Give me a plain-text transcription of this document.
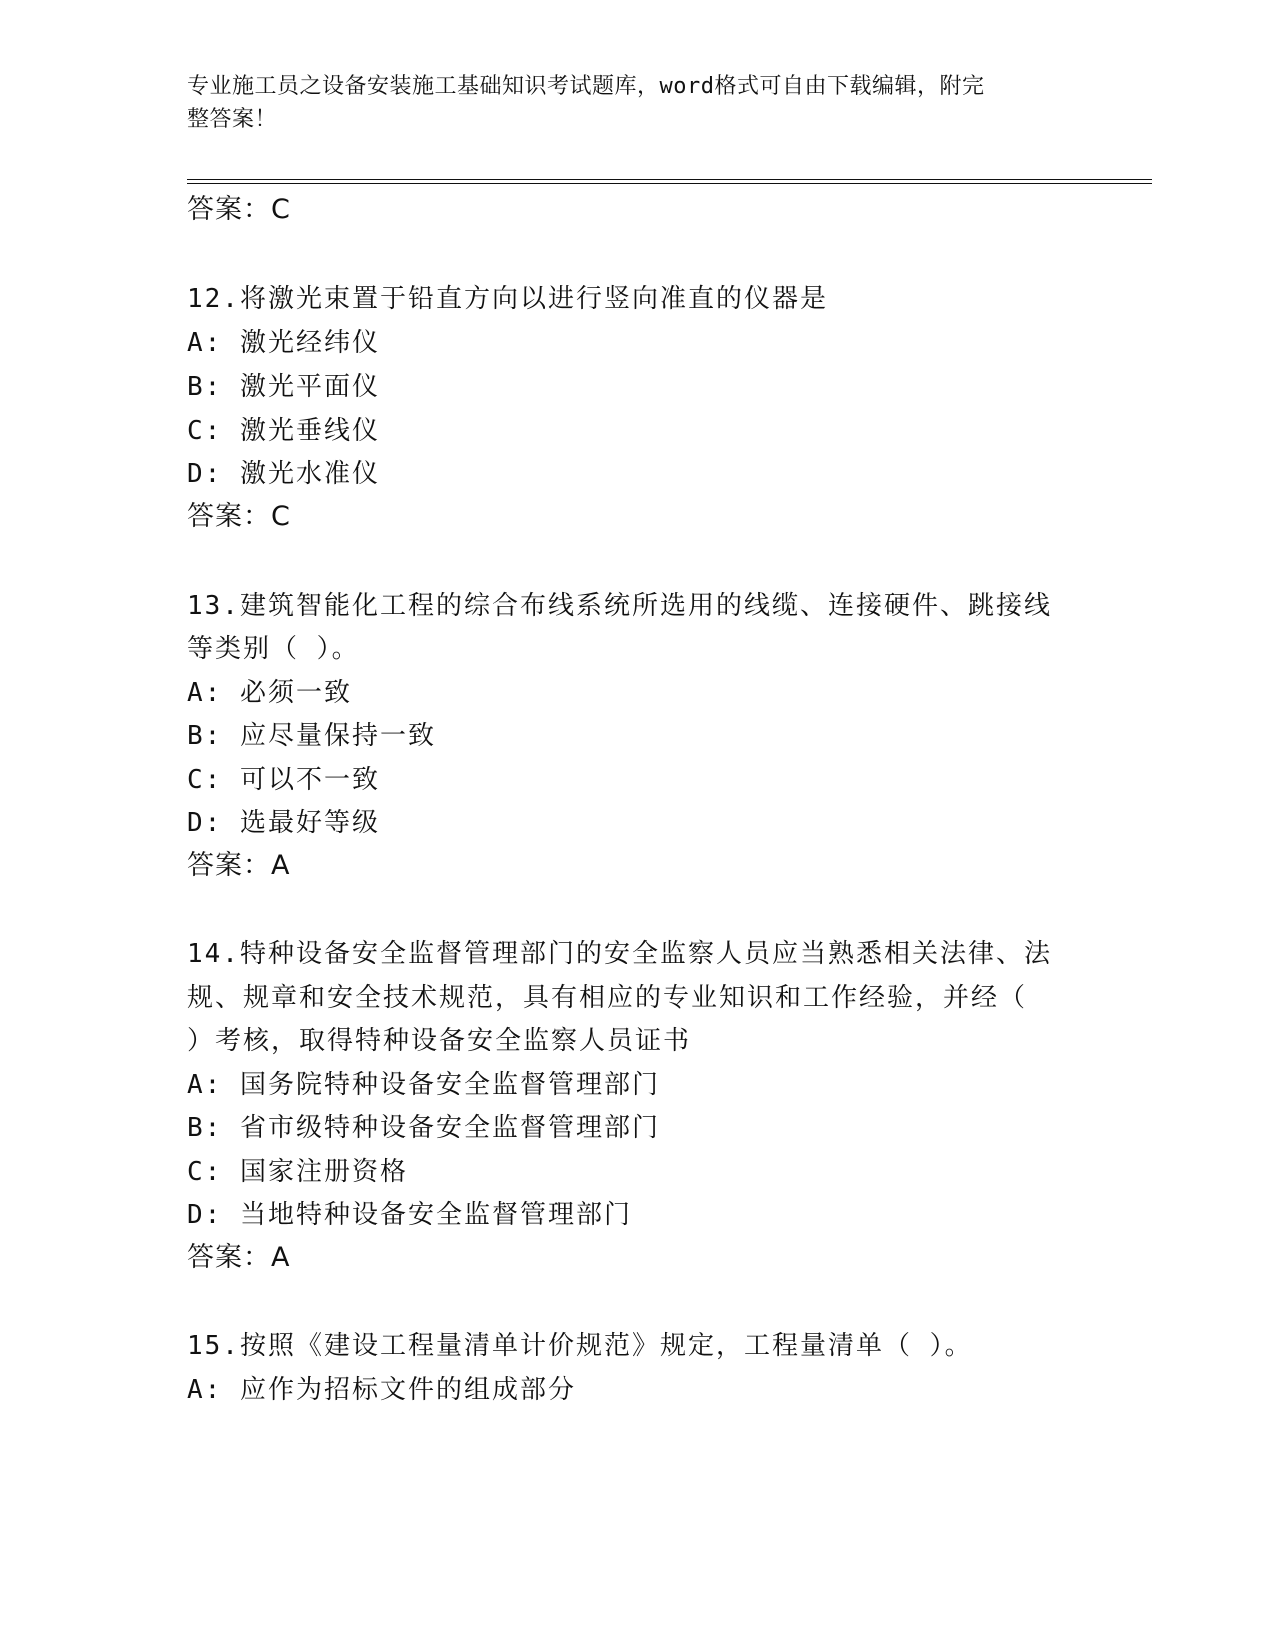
专业施工员之设备安装施工基础知识考试题库，word格式可自由下载编辑，附完
整答案！
答案：C
12.将激光束置于铅直方向以进行竖向准直的仪器是
A: 激光经纬仪
B: 激光平面仪
C: 激光垂线仪
D: 激光水准仪
答案：C
13.建筑智能化工程的综合布线系统所选用的线缆、连接硬件、跳接线
等类别（ ）。
A: 必须一致
B: 应尽量保持一致
C: 可以不一致
D: 选最好等级
答案：A
14.特种设备安全监督管理部门的安全监察人员应当熟悉相关法律、法
规、规章和安全技术规范，具有相应的专业知识和工作经验，并经（
）考核，取得特种设备安全监察人员证书
A: 国务院特种设备安全监督管理部门
B: 省市级特种设备安全监督管理部门
C: 国家注册资格
D: 当地特种设备安全监督管理部门
答案：A
15.按照《建设工程量清单计价规范》规定，工程量清单（ ）。
A: 应作为招标文件的组成部分
